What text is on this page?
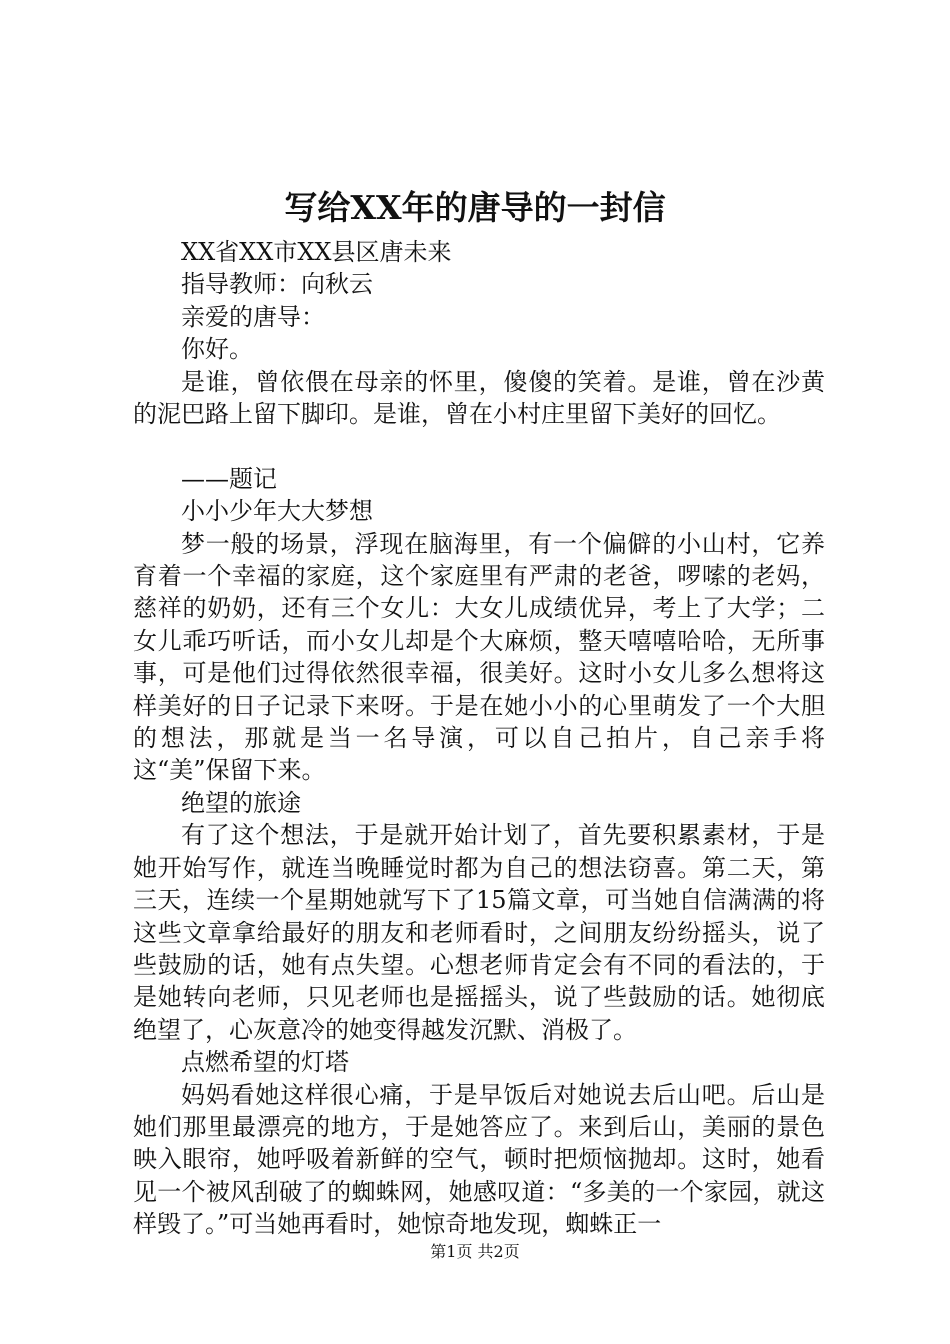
写给XX年的唐导的一封信

XX省XX市XX县区唐未来

指导教师：向秋云

亲爱的唐导：

你好。

是谁，曾依偎在母亲的怀里，傻傻的笑着。是谁，曾在沙黄的泥巴路上留下脚印。是谁，曾在小村庄里留下美好的回忆。

——题记

小小少年大大梦想

梦一般的场景，浮现在脑海里，有一个偏僻的小山村，它养育着一个幸福的家庭，这个家庭里有严肃的老爸，啰嗦的老妈，慈祥的奶奶，还有三个女儿：大女儿成绩优异，考上了大学；二女儿乖巧听话，而小女儿却是个大麻烦，整天嘻嘻哈哈，无所事事，可是他们过得依然很幸福，很美好。这时小女儿多么想将这样美好的日子记录下来呀。于是在她小小的心里萌发了一个大胆的想法，那就是当一名导演，可以自己拍片，自己亲手将这“美”保留下来。

绝望的旅途

有了这个想法，于是就开始计划了，首先要积累素材，于是她开始写作，就连当晚睡觉时都为自己的想法窃喜。第二天，第三天，连续一个星期她就写下了15篇文章，可当她自信满满的将这些文章拿给最好的朋友和老师看时，之间朋友纷纷摇头，说了些鼓励的话，她有点失望。心想老师肯定会有不同的看法的，于是她转向老师，只见老师也是摇摇头，说了些鼓励的话。她彻底绝望了，心灰意冷的她变得越发沉默、消极了。

点燃希望的灯塔

妈妈看她这样很心痛，于是早饭后对她说去后山吧。后山是她们那里最漂亮的地方，于是她答应了。来到后山，美丽的景色映入眼帘，她呼吸着新鲜的空气，顿时把烦恼抛却。这时，她看见一个被风刮破了的蜘蛛网，她感叹道：“多美的一个家园，就这样毁了。”可当她再看时，她惊奇地发现，蜘蛛正一

第1页 共2页
